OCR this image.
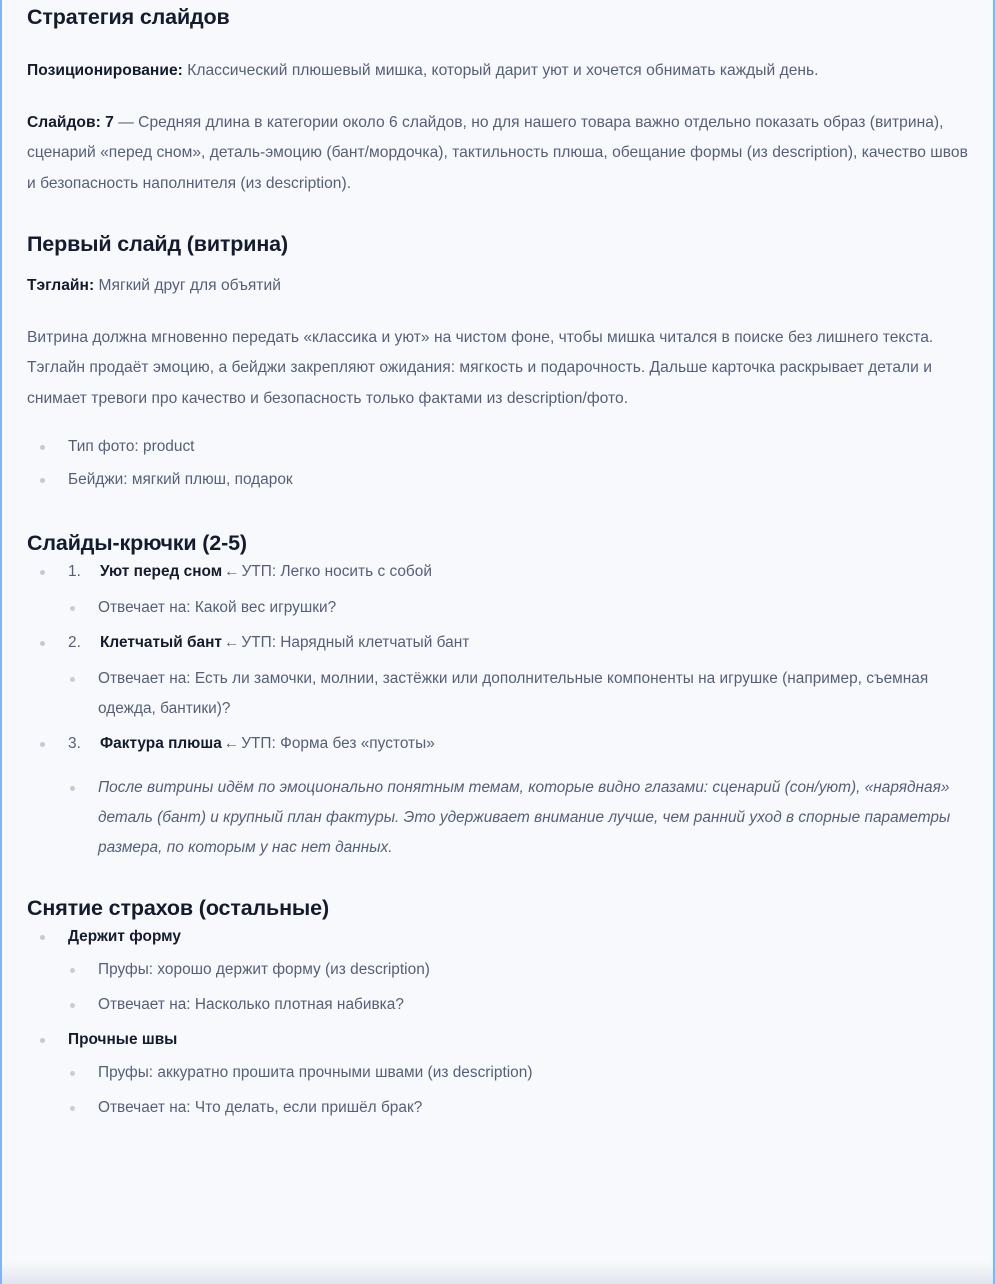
Стратегия слайдов

Позиционирование: Классический плюшевый мишка, который дарит уют и хочется обнимать каждый день.

Слайдов: 7 — Средняя длина в категории около 6 слайдов, но для нашего товара важно отдельно показать образ (витрина), сценарий «перед сном», деталь-эмоцию (бант/мордочка), тактильность плюша, обещание формы (из description), качество швов и безопасность наполнителя (из description).

Первый слайд (витрина)

Тэглайн: Мягкий друг для объятий

Витрина должна мгновенно передать «классика и уют» на чистом фоне, чтобы мишка читался в поиске без лишнего текста. Тэглайн продаёт эмоцию, а бейджи закрепляют ожидания: мягкость и подарочность. Дальше карточка раскрывает детали и снимает тревоги про качество и безопасность только фактами из description/фото.

Тип фото: product
Бейджи: мягкий плюш, подарок
Слайды-крючки (2-5)
1. Уют перед сном ← УТП: Легко носить с собой
Отвечает на: Какой вес игрушки?
2. Клетчатый бант ← УТП: Нарядный клетчатый бант
Отвечает на: Есть ли замочки, молнии, застёжки или дополнительные компоненты на игрушке (например, съемная одежда, бантики)?
3. Фактура плюша ← УТП: Форма без «пустоты»
После витрины идём по эмоционально понятным темам, которые видно глазами: сценарий (сон/уют), «нарядная» деталь (бант) и крупный план фактуры. Это удерживает внимание лучше, чем ранний уход в спорные параметры размера, по которым у нас нет данных.
Снятие страхов (остальные)
Держит форму
Пруфы: хорошо держит форму (из description)
Отвечает на: Насколько плотная набивка?
Прочные швы
Пруфы: аккуратно прошита прочными швами (из description)
Отвечает на: Что делать, если пришёл брак?
